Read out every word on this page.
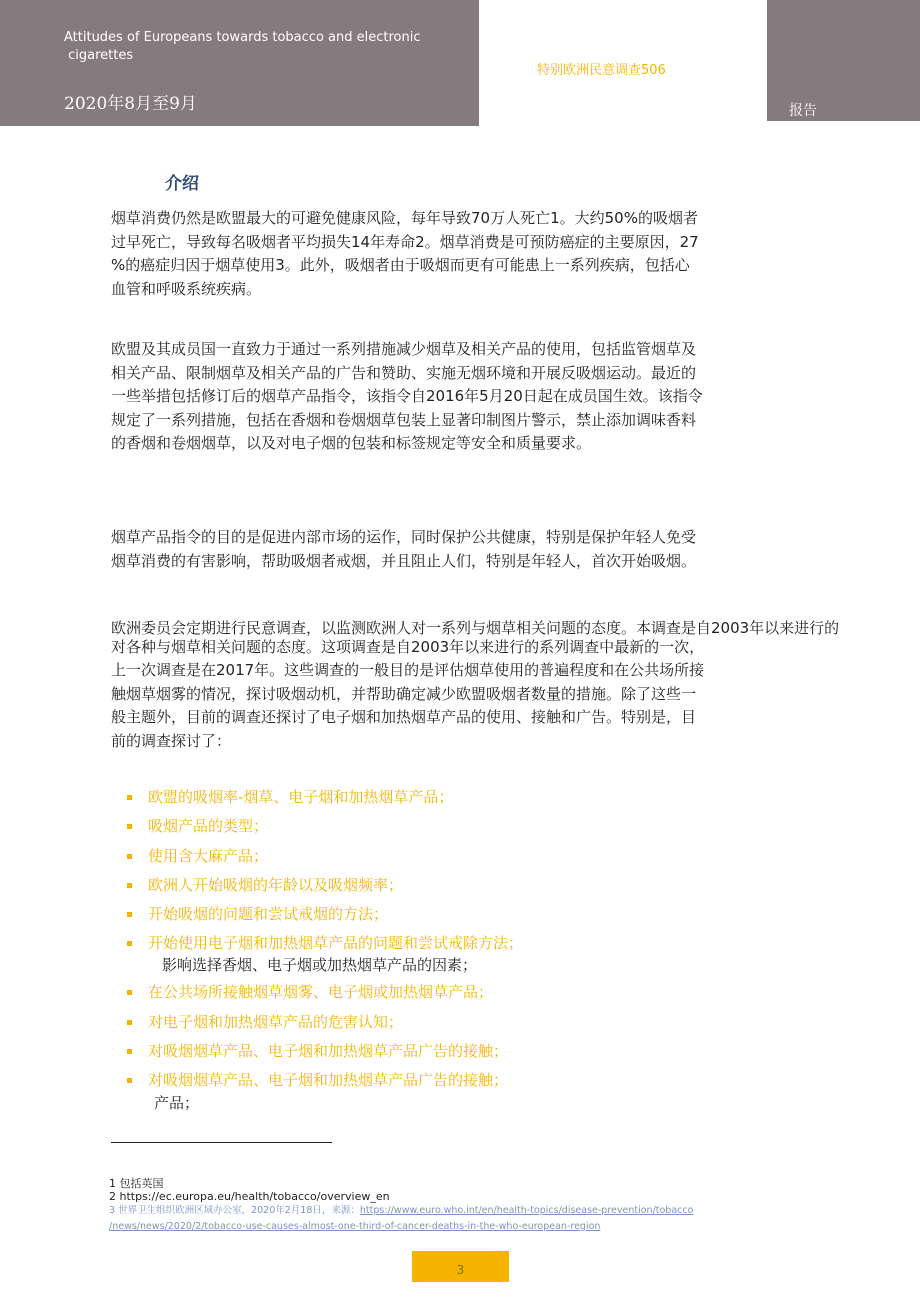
Attitudes of Europeans towards tobacco and electronic
cigarettes
2020年8月至9月
特别欧洲民意调查506
报告
介绍
烟草消费仍然是欧盟最大的可避免健康风险，每年导致70万人死亡1。大约50%的吸烟者
过早死亡，导致每名吸烟者平均损失14年寿命2。烟草消费是可预防癌症的主要原因，27
%的癌症归因于烟草使用3。此外，吸烟者由于吸烟而更有可能患上一系列疾病，包括心
血管和呼吸系统疾病。
欧盟及其成员国一直致力于通过一系列措施减少烟草及相关产品的使用，包括监管烟草及
相关产品、限制烟草及相关产品的广告和赞助、实施无烟环境和开展反吸烟运动。最近的
一些举措包括修订后的烟草产品指令，该指令自2016年5月20日起在成员国生效。该指令
规定了一系列措施，包括在香烟和卷烟烟草包装上显著印制图片警示，禁止添加调味香料
的香烟和卷烟烟草，以及对电子烟的包装和标签规定等安全和质量要求。
烟草产品指令的目的是促进内部市场的运作，同时保护公共健康，特别是保护年轻人免受
烟草消费的有害影响，帮助吸烟者戒烟，并且阻止人们，特别是年轻人，首次开始吸烟。
欧洲委员会定期进行民意调查，以监测欧洲人对一系列与烟草相关问题的态度。本调查是自2003年以来进行的
对各种与烟草相关问题的态度。这项调查是自2003年以来进行的系列调查中最新的一次，
上一次调查是在2017年。这些调查的一般目的是评估烟草使用的普遍程度和在公共场所接
触烟草烟雾的情况，探讨吸烟动机，并帮助确定减少欧盟吸烟者数量的措施。除了这些一
般主题外，目前的调查还探讨了电子烟和加热烟草产品的使用、接触和广告。特别是，目
前的调查探讨了：
欧盟的吸烟率-烟草、电子烟和加热烟草产品；
吸烟产品的类型；
使用含大麻产品；
欧洲人开始吸烟的年龄以及吸烟频率；
开始吸烟的问题和尝试戒烟的方法；
开始使用电子烟和加热烟草产品的问题和尝试戒除方法；
在公共场所接触烟草烟雾、电子烟或加热烟草产品；
对电子烟和加热烟草产品的危害认知；
对吸烟烟草产品、电子烟和加热烟草产品广告的接触；
对吸烟烟草产品、电子烟和加热烟草产品广告的接触；
影响选择香烟、电子烟或加热烟草产品的因素；
产品；
1 包括英国
2 https://ec.europa.eu/health/tobacco/overview_en
3 世界卫生组织欧洲区域办公室，2020年2月18日，来源：https://www.euro.who.int/en/health-topics/disease-prevention/tobacco
/news/news/2020/2/tobacco-use-causes-almost-one-third-of-cancer-deaths-in-the-who-european-region
3
